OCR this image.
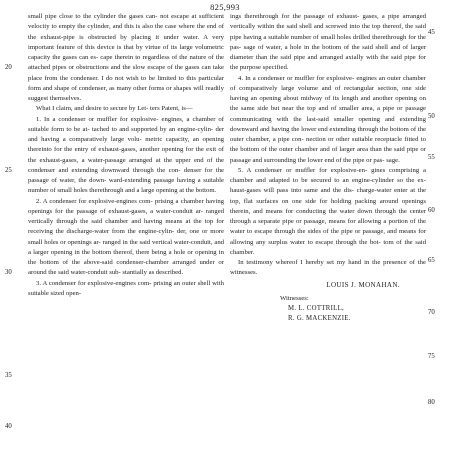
825,993
20
25
30
35
40

small pipe close to the cylinder the gases can- not escape at sufficient velocity to empty the cylinder, and this is also the case where the end of the exhaust-pipe is obstructed by placing it under water. A very important feature of this device is that by virtue of its large volumetric capacity the gases can es- cape therein to regardless of the nature of the attached pipes or obstructions and the slow escape of the gases can take place from the condenser. I do not wish to be limited to this particular form and shape of condenser, as many other forms or shapes will readily suggest themselves.

What I claim, and desire to secure by Let- ters Patent, is—

1. In a condenser or muffler for explosive- engines, a chamber of suitable form to be at- tached to and supported by an engine-cylin- der and having a comparatively large volu- metric capacity, an opening thereinto for the entry of exhaust-gases, another opening for the exit of the exhaust-gases, a water-passage arranged at the upper end of the condenser and extending downward through the con- denser for the passage of water, the down- ward-extending passage having a suitable number of small holes therethrough and a large opening at the bottom.

2. A condenser for explosive-engines com- prising a chamber having openings for the passage of exhaust-gases, a water-conduit ar- ranged vertically through the said chamber and having means at the top for receiving the discharge-water from the engine-cylin- der, one or more small holes or openings ar- ranged in the said vertical water-conduit, and a larger opening in the bottom thereof, there being a hole or opening in the bottom of the above-said condenser-chamber arranged under or around the said water-conduit sub- stantially as described.

3. A condenser for explosive-engines com- prising an outer shell with suitable sized open-

ings therethrough for the passage of exhaust- gases, a pipe arranged vertically within the said shell and screwed into the top thereof, the said pipe having a suitable number of small holes drilled therethrough for the pas- sage of water, a hole in the bottom of the said shell and of larger diameter than the said pipe and arranged axially with the said pipe for the purpose specified.

4. In a condenser or muffler for explosive- engines an outer chamber of comparatively large volume and of rectangular section, one side having an opening about midway of its length and another opening on the same side but near the top and of smaller area, a pipe or passage communicating with the last-said smaller opening and extending downward and having the lower end extending through the bottom of the outer chamber, a pipe con- nection or other suitable receptacle fitted to the bottom of the outer chamber and of larger area than the said pipe or passage and surrounding the lower end of the pipe or pas- sage.

5. A condenser or muffler for explosive-en- gines comprising a chamber and adapted to be secured to an engine-cylinder so the ex- haust-gases will pass into same and the dis- charge-water enter at the top, flat surfaces on one side for holding packing around openings therein, and means for conducting the water down through the center through a separate pipe or passage, means for allowing a portion of the water to escape through the sides of the pipe or passage, and means for allowing any surplus water to escape through the bot- tom of the said chamber.

In testimony whereof I hereby set my hand in the presence of the witnesses.

LOUIS J. MONAHAN.
Witnesses:
M. L. COTTRILL,
R. G. MACKENZIE.
45
50
55
60
65
70
75
80
